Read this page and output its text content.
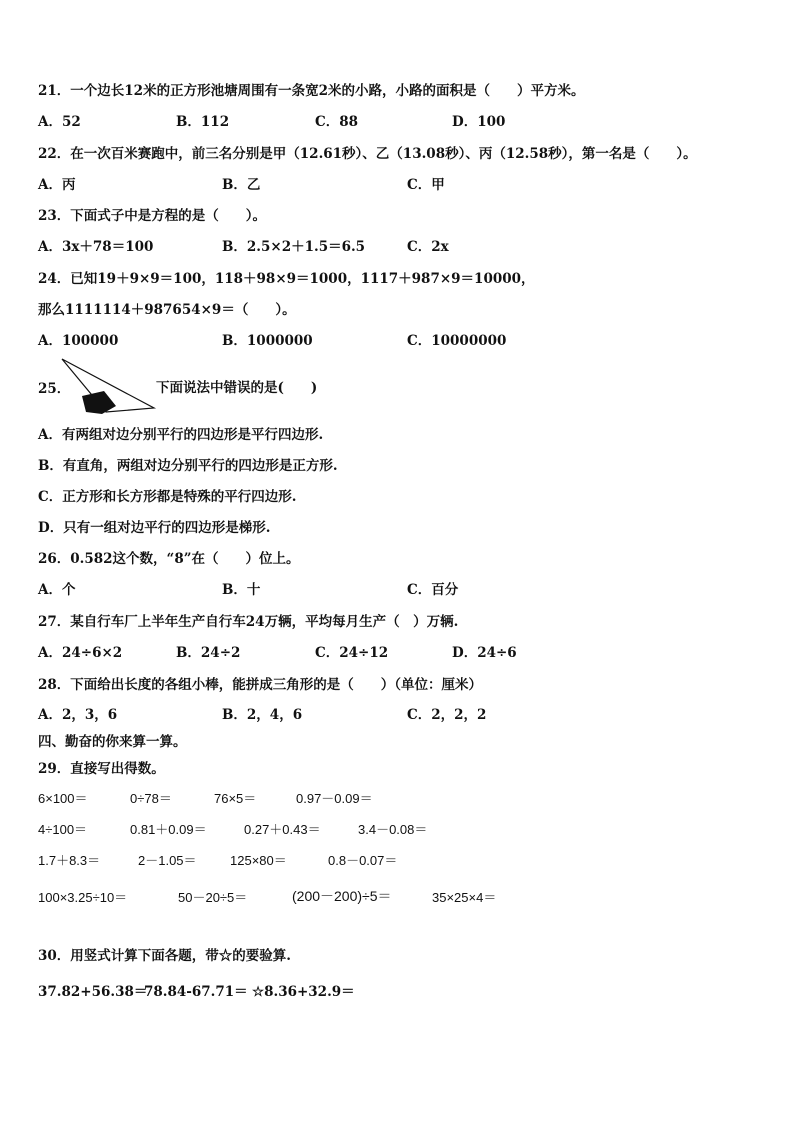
21．一个边长12米的正方形池塘周围有一条宽2米的小路，小路的面积是（　　）平方米。
A．52	B．112	C．88	D．100
22．在一次百米赛跑中，前三名分别是甲（12.61秒）、乙（13.08秒）、丙（12.58秒），第一名是（　　）。
A．丙	B．乙	C．甲
23．下面式子中是方程的是（　　）。
A．3x＋78＝100	B．2.5×2＋1.5＝6.5	C．2x
24．已知19＋9×9＝100，118＋98×9＝1000，1117＋987×9＝10000，
那么1111114＋987654×9＝（　　）。
A．100000	B．1000000	C．10000000
25．	下面说法中错误的是(　　)
A．有两组对边分别平行的四边形是平行四边形.
B．有直角，两组对边分别平行的四边形是正方形.
C．正方形和长方形都是特殊的平行四边形.
D．只有一组对边平行的四边形是梯形.
26．0.582这个数，“8”在（　　）位上。
A．个	B．十	C．百分
27．某自行车厂上半年生产自行车24万辆，平均每月生产（　）万辆.
A．24÷6×2	B．24÷2	C．24÷12	D．24÷6
28．下面给出长度的各组小棒，能拼成三角形的是（　　）（单位：厘米）
A．2，3，6	B．2，4，6	C．2，2，2
四、勤奋的你来算一算。
29．直接写出得数。
6×100＝	0÷78＝	76×5＝	0.97－0.09＝
4÷100＝	0.81＋0.09＝	0.27＋0.43＝	3.4－0.08＝
1.7＋8.3＝	2－1.05＝	125×80＝	0.8－0.07＝
100×3.25÷10＝	50－20÷5＝	(200－200)÷5＝	35×25×4＝
30．用竖式计算下面各题，带☆的要验算.
37.82+56.38＝
78.84-67.71＝ ☆8.36+32.9＝
